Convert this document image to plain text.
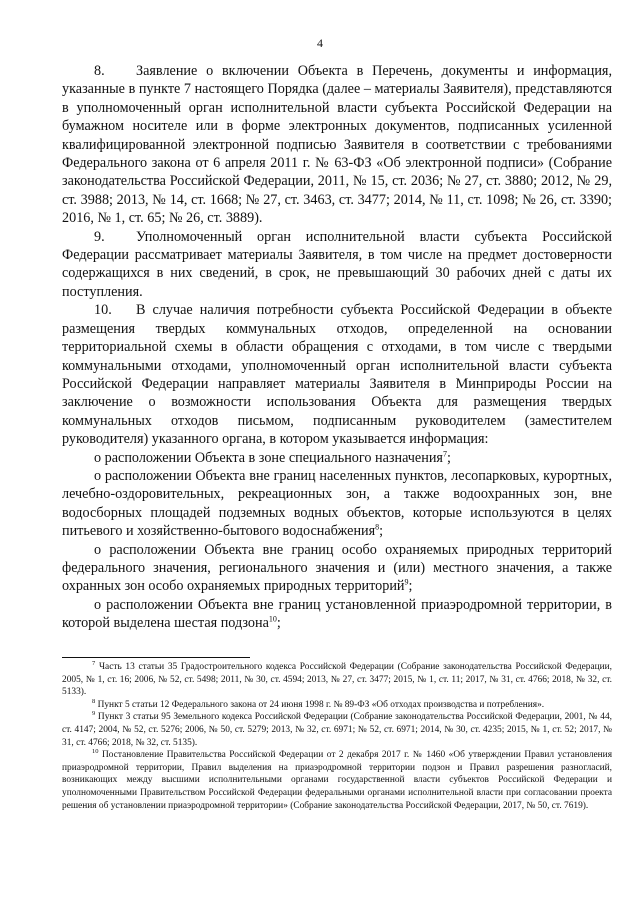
4

8. Заявление о включении Объекта в Перечень, документы и информация, указанные в пункте 7 настоящего Порядка (далее – материалы Заявителя), представляются в уполномоченный орган исполнительной власти субъекта Российской Федерации на бумажном носителе или в форме электронных документов, подписанных усиленной квалифицированной электронной подписью Заявителя в соответствии с требованиями Федерального закона от 6 апреля 2011 г. № 63-ФЗ «Об электронной подписи» (Собрание законодательства Российской Федерации, 2011, № 15, ст. 2036; № 27, ст. 3880; 2012, № 29, ст. 3988; 2013, № 14, ст. 1668; № 27, ст. 3463, ст. 3477; 2014, № 11, ст. 1098; № 26, ст. 3390; 2016, № 1, ст. 65; № 26, ст. 3889).

9. Уполномоченный орган исполнительной власти субъекта Российской Федерации рассматривает материалы Заявителя, в том числе на предмет достоверности содержащихся в них сведений, в срок, не превышающий 30 рабочих дней с даты их поступления.

10. В случае наличия потребности субъекта Российской Федерации в объекте размещения твердых коммунальных отходов, определенной на основании территориальной схемы в области обращения с отходами, в том числе с твердыми коммунальными отходами, уполномоченный орган исполнительной власти субъекта Российской Федерации направляет материалы Заявителя в Минприроды России на заключение о возможности использования Объекта для размещения твердых коммунальных отходов письмом, подписанным руководителем (заместителем руководителя) указанного органа, в котором указывается информация:

о расположении Объекта в зоне специального назначения$^7$;

о расположении Объекта вне границ населенных пунктов, лесопарковых, курортных, лечебно-оздоровительных, рекреационных зон, а также водоохранных зон, вне водосборных площадей подземных водных объектов, которые используются в целях питьевого и хозяйственно-бытового водоснабжения$^8$;

о расположении Объекта вне границ особо охраняемых природных территорий федерального значения, регионального значения и (или) местного значения, а также охранных зон особо охраняемых природных территорий$^9$;

о расположении Объекта вне границ установленной приаэродромной территории, в которой выделена шестая подзона$^{10}$;

$^7$ Часть 13 статьи 35 Градостроительного кодекса Российской Федерации (Собрание законодательства Российской Федерации, 2005, № 1, ст. 16; 2006, № 52, ст. 5498; 2011, № 30, ст. 4594; 2013, № 27, ст. 3477; 2015, № 1, ст. 11; 2017, № 31, ст. 4766; 2018, № 32, ст. 5133).

$^8$ Пункт 5 статьи 12 Федерального закона от 24 июня 1998 г. № 89-ФЗ «Об отходах производства и потребления».

$^9$ Пункт 3 статьи 95 Земельного кодекса Российской Федерации (Собрание законодательства Российской Федерации, 2001, № 44, ст. 4147; 2004, № 52, ст. 5276; 2006, № 50, ст. 5279; 2013, № 32, ст. 6971; № 52, ст. 6971; 2014, № 30, ст. 4235; 2015, № 1, ст. 52; 2017, № 31, ст. 4766; 2018, № 32, ст. 5135).

$^{10}$ Постановление Правительства Российской Федерации от 2 декабря 2017 г. № 1460 «Об утверждении Правил установления приаэродромной территории, Правил выделения на приаэродромной территории подзон и Правил разрешения разногласий, возникающих между высшими исполнительными органами государственной власти субъектов Российской Федерации и уполномоченными Правительством Российской Федерации федеральными органами исполнительной власти при согласовании проекта решения об установлении приаэродромной территории» (Собрание законодательства Российской Федерации, 2017, № 50, ст. 7619).
